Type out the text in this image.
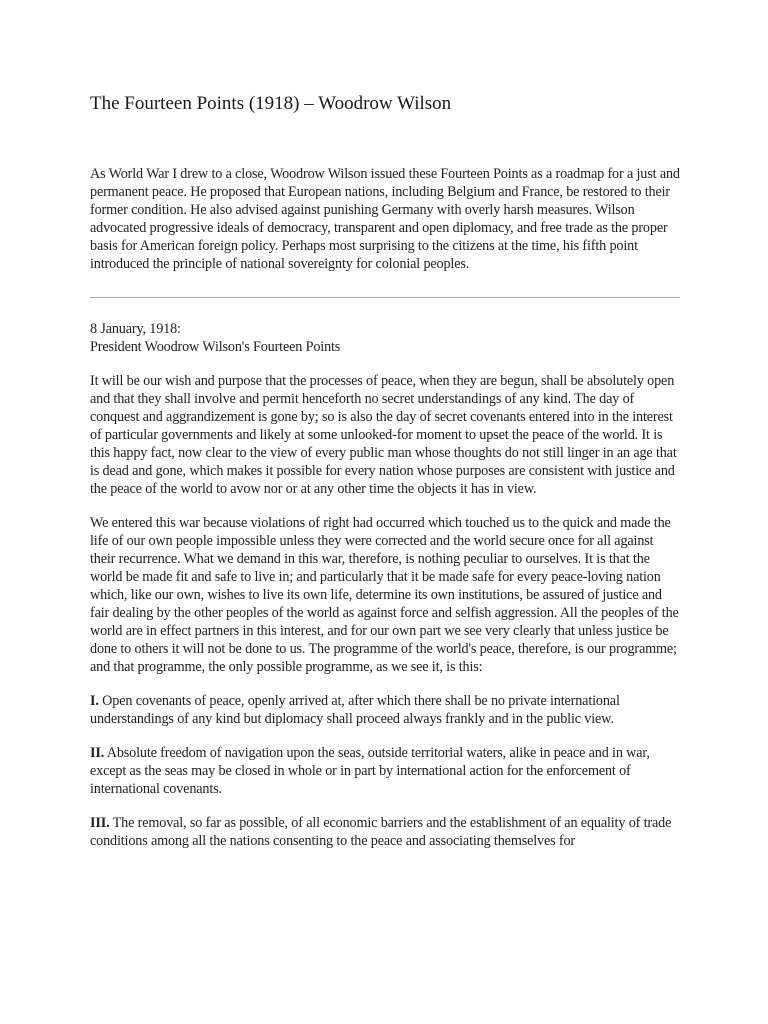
The Fourteen Points (1918) – Woodrow Wilson

As World War I drew to a close, Woodrow Wilson issued these Fourteen Points as a roadmap for a just and permanent peace. He proposed that European nations, including Belgium and France, be restored to their former condition. He also advised against punishing Germany with overly harsh measures. Wilson advocated progressive ideals of democracy, transparent and open diplomacy, and free trade as the proper basis for American foreign policy. Perhaps most surprising to the citizens at the time, his fifth point introduced the principle of national sovereignty for colonial peoples.

8 January, 1918:

President Woodrow Wilson's Fourteen Points

It will be our wish and purpose that the processes of peace, when they are begun, shall be absolutely open and that they shall involve and permit henceforth no secret understandings of any kind. The day of conquest and aggrandizement is gone by; so is also the day of secret covenants entered into in the interest of particular governments and likely at some unlooked-for moment to upset the peace of the world. It is this happy fact, now clear to the view of every public man whose thoughts do not still linger in an age that is dead and gone, which makes it possible for every nation whose purposes are consistent with justice and the peace of the world to avow nor or at any other time the objects it has in view.

We entered this war because violations of right had occurred which touched us to the quick and made the life of our own people impossible unless they were corrected and the world secure once for all against their recurrence. What we demand in this war, therefore, is nothing peculiar to ourselves. It is that the world be made fit and safe to live in; and particularly that it be made safe for every peace-loving nation which, like our own, wishes to live its own life, determine its own institutions, be assured of justice and fair dealing by the other peoples of the world as against force and selfish aggression. All the peoples of the world are in effect partners in this interest, and for our own part we see very clearly that unless justice be done to others it will not be done to us. The programme of the world's peace, therefore, is our programme; and that programme, the only possible programme, as we see it, is this:

I. Open covenants of peace, openly arrived at, after which there shall be no private international understandings of any kind but diplomacy shall proceed always frankly and in the public view.

II. Absolute freedom of navigation upon the seas, outside territorial waters, alike in peace and in war, except as the seas may be closed in whole or in part by international action for the enforcement of international covenants.

III. The removal, so far as possible, of all economic barriers and the establishment of an equality of trade conditions among all the nations consenting to the peace and associating themselves for
